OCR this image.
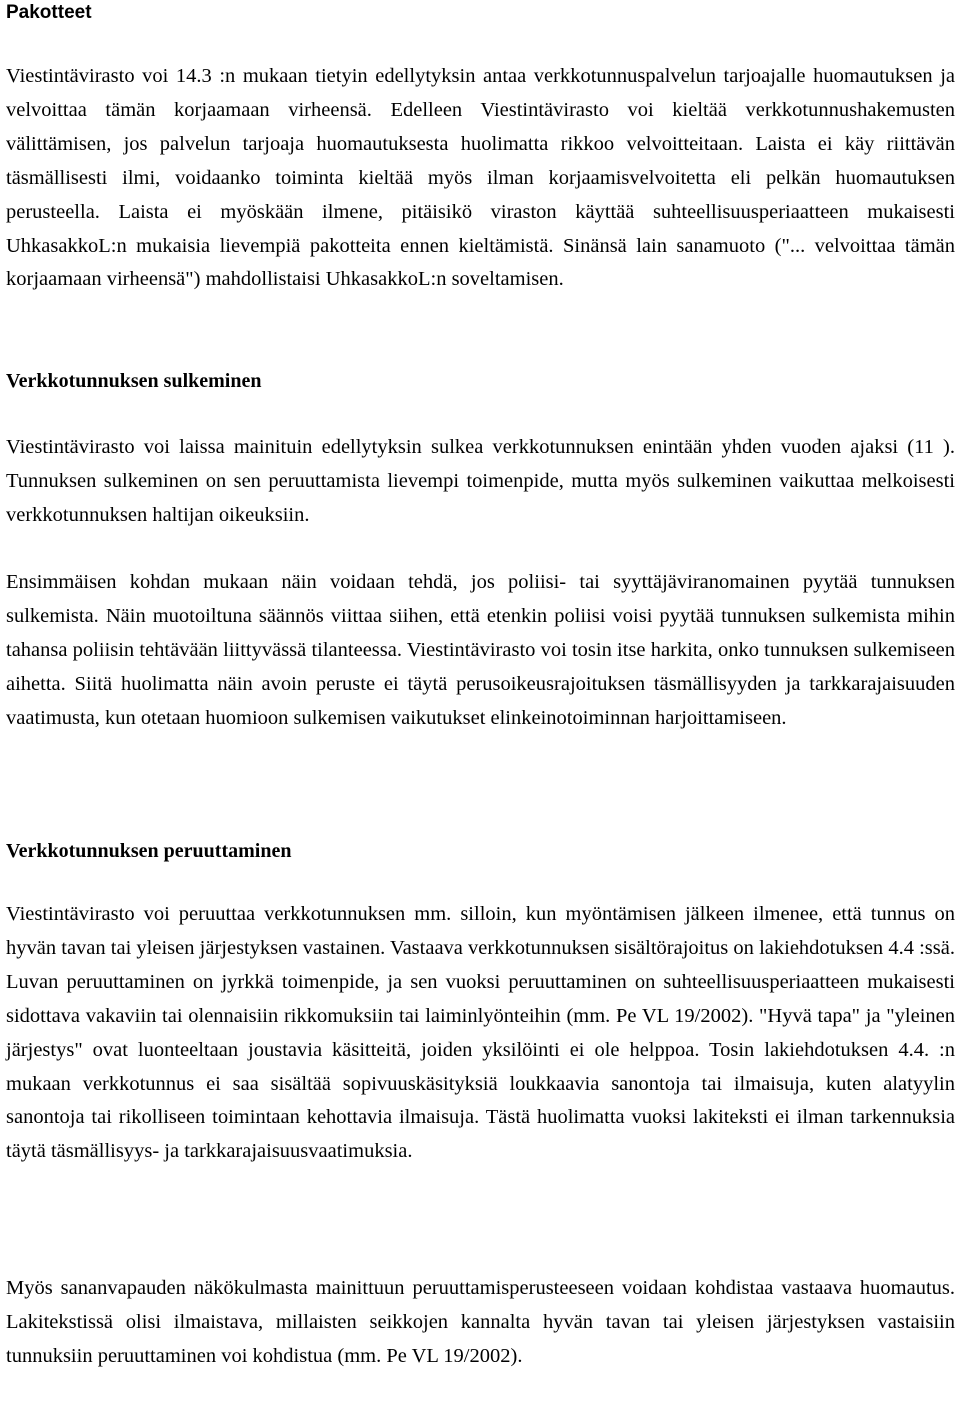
Pakotteet

Viestintävirasto voi 14.3 :n mukaan tietyin edellytyksin antaa verkkotunnuspalvelun tarjoajalle huomautuksen ja velvoittaa tämän korjaamaan virheensä. Edelleen Viestintävirasto voi kieltää verkkotunnushakemusten välittämisen, jos palvelun tarjoaja huomautuksesta huolimatta rikkoo velvoitteitaan. Laista ei käy riittävän täsmällisesti ilmi, voidaanko toiminta kieltää myös ilman korjaamisvelvoitetta eli pelkän huomautuksen perusteella. Laista ei myöskään ilmene, pitäisikö viraston käyttää suhteellisuusperiaatteen mukaisesti UhkasakkoL:n mukaisia lievempiä pakotteita ennen kieltämistä. Sinänsä lain sanamuoto ("... velvoittaa tämän korjaamaan virheensä") mahdollistaisi UhkasakkoL:n soveltamisen.

Verkkotunnuksen sulkeminen

Viestintävirasto voi laissa mainituin edellytyksin sulkea verkkotunnuksen enintään yhden vuoden ajaksi (11 ). Tunnuksen sulkeminen on sen peruuttamista lievempi toimenpide, mutta myös sulkeminen vaikuttaa melkoisesti verkkotunnuksen haltijan oikeuksiin.

Ensimmäisen kohdan mukaan näin voidaan tehdä, jos poliisi- tai syyttäjäviranomainen pyytää tunnuksen sulkemista. Näin muotoiltuna säännös viittaa siihen, että etenkin poliisi voisi pyytää tunnuksen sulkemista mihin tahansa poliisin tehtävään liittyvässä tilanteessa. Viestintävirasto voi tosin itse harkita, onko tunnuksen sulkemiseen aihetta. Siitä huolimatta näin avoin peruste ei täytä perusoikeusrajoituksen täsmällisyyden ja tarkkarajaisuuden vaatimusta, kun otetaan huomioon sulkemisen vaikutukset elinkeinotoiminnan harjoittamiseen.

Verkkotunnuksen peruuttaminen

Viestintävirasto voi peruuttaa verkkotunnuksen mm. silloin, kun myöntämisen jälkeen ilmenee, että tunnus on hyvän tavan tai yleisen järjestyksen vastainen. Vastaava verkkotunnuksen sisältörajoitus on lakiehdotuksen 4.4 :ssä. Luvan peruuttaminen on jyrkkä toimenpide, ja sen vuoksi peruuttaminen on suhteellisuusperiaatteen mukaisesti sidottava vakaviin tai olennaisiin rikkomuksiin tai laiminlyönteihin (mm. Pe VL 19/2002). "Hyvä tapa" ja "yleinen järjestys" ovat luonteeltaan joustavia käsitteitä, joiden yksilöinti ei ole helppoa. Tosin lakiehdotuksen 4.4. :n mukaan verkkotunnus ei saa sisältää sopivuuskäsityksiä loukkaavia sanontoja tai ilmaisuja, kuten alatyylin sanontoja tai rikolliseen toimintaan kehottavia ilmaisuja. Tästä huolimatta vuoksi lakiteksti ei ilman tarkennuksia täytä täsmällisyys- ja tarkkarajaisuusvaatimuksia.

Myös sananvapauden näkökulmasta mainittuun peruuttamisperusteeseen voidaan kohdistaa vastaava huomautus. Lakitekstissä olisi ilmaistava, millaisten seikkojen kannalta hyvän tavan tai yleisen järjestyksen vastaisiin tunnuksiin peruuttaminen voi kohdistua (mm. Pe VL 19/2002).
